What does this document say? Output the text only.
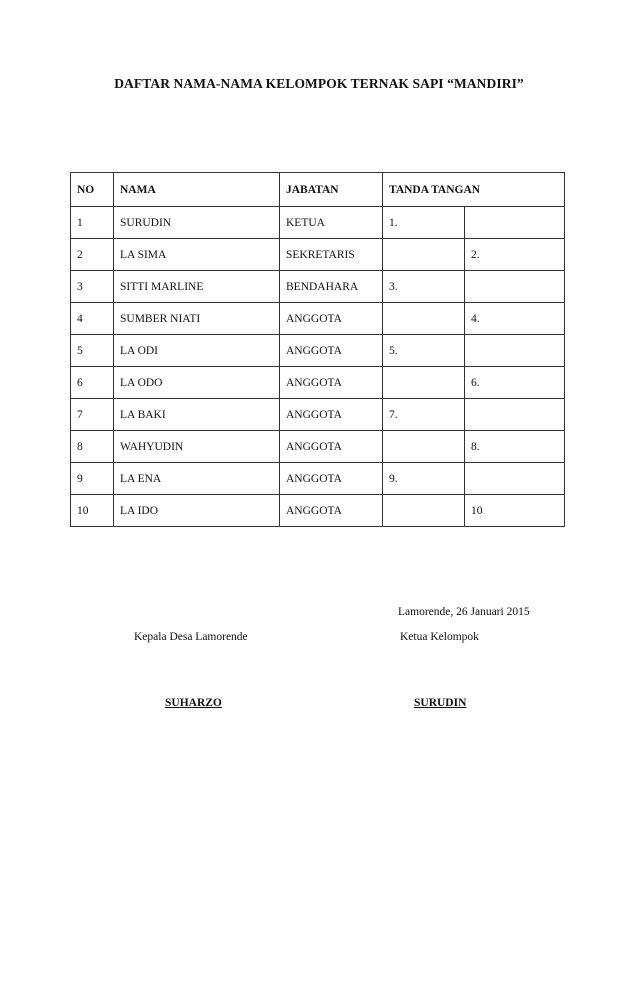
DAFTAR NAMA-NAMA KELOMPOK TERNAK SAPI “MANDIRI”
NO	NAMA	JABATAN	TANDA TANGAN	
1	SURUDIN	KETUA	1.	
2	LA SIMA	SEKRETARIS		2.
3	SITTI MARLINE	BENDAHARA	3.	
4	SUMBER NIATI	ANGGOTA		4.
5	LA ODI	ANGGOTA	5.	
6	LA ODO	ANGGOTA		6.
7	LA BAKI	ANGGOTA	7.	
8	WAHYUDIN	ANGGOTA		8.
9	LA ENA	ANGGOTA	9.	
10	LA IDO	ANGGOTA		10
Lamorende, 26 Januari 2015
Kepala Desa Lamorende	Ketua Kelompok
SUHARZO	SURUDIN
